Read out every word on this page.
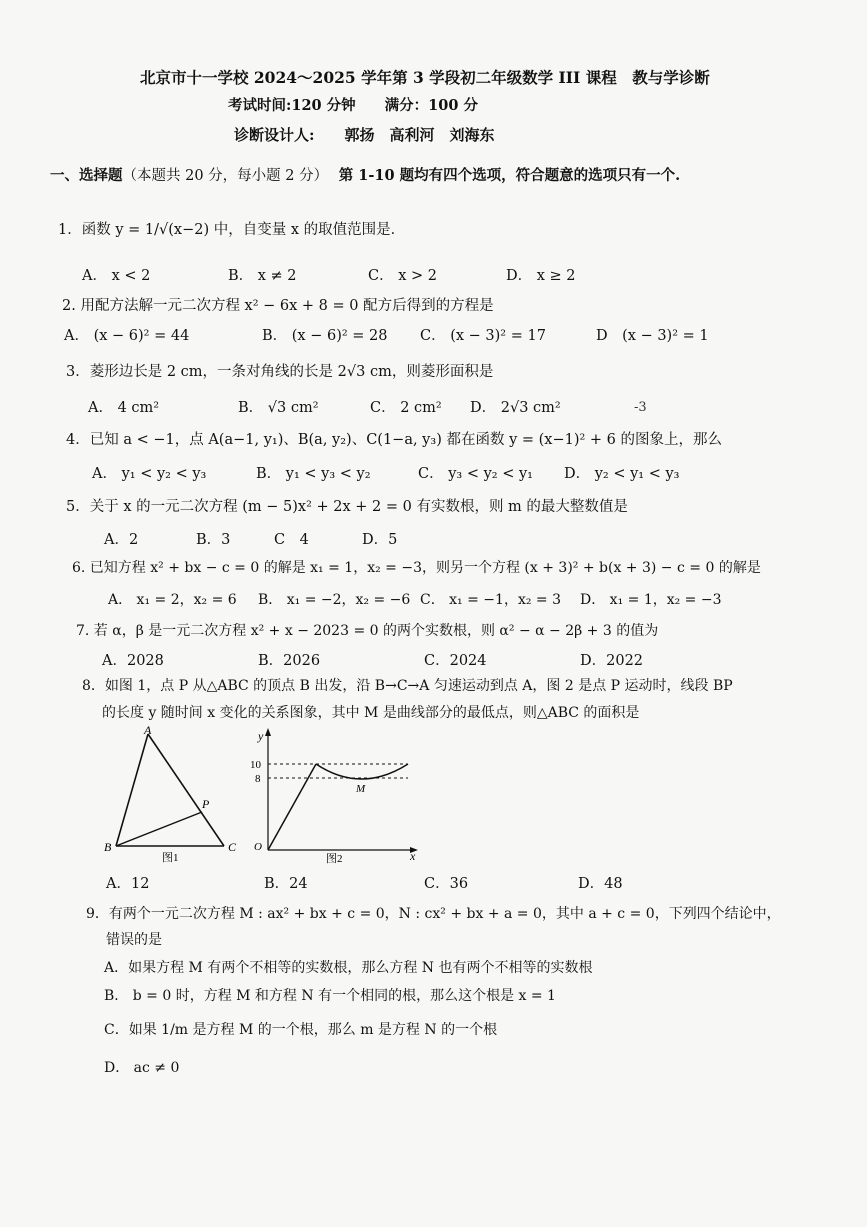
北京市十一学校 2024～2025 学年第 3 学段初二年级数学 III 课程　教与学诊断
考试时间:120 分钟　　满分：100 分
诊断设计人:　　郭扬　高利河　刘海东
一、选择题（本题共 20 分，每小题 2 分） 第 1-10 题均有四个选项，符合题意的选项只有一个.
1．函数 y = 1/√(x−2) 中，自变量 x 的取值范围是．
A． x < 2	B． x ≠ 2	C． x > 2	D． x ≥ 2
2. 用配方法解一元二次方程 x² − 6x + 8 = 0 配方后得到的方程是
A． (x − 6)² = 44	B． (x − 6)² = 28 C． (x − 3)² = 17	D　(x − 3)² = 1
3．菱形边长是 2 cm，一条对角线的长是 2√3 cm，则菱形面积是
A． 4 cm²	B． √3 cm²	C． 2 cm² D． 2√3 cm²	-3
4．已知 a < −1，点 A(a−1, y₁)、B(a, y₂)、C(1−a, y₃) 都在函数 y = (x−1)² + 6 的图象上，那么
A． y₁ < y₂ < y₃	B． y₁ < y₃ < y₂	C． y₃ < y₂ < y₁ D． y₂ < y₁ < y₃
5．关于 x 的一元二次方程 (m − 5)x² + 2x + 2 = 0 有实数根，则 m 的最大整数值是
A．2	B．3	C　4	D．5
6. 已知方程 x² + bx − c = 0 的解是 x₁ = 1，x₂ = −3，则另一个方程 (x + 3)² + b(x + 3) − c = 0 的解是
A． x₁ = 2，x₂ = 6 B． x₁ = −2，x₂ = −6 C． x₁ = −1，x₂ = 3 D． x₁ = 1，x₂ = −3
7. 若 α，β 是一元二次方程 x² + x − 2023 = 0 的两个实数根，则 α² − α − 2β + 3 的值为
A．2028	B．2026	C．2024	D．2022
8．如图 1，点 P 从△ABC 的顶点 B 出发，沿 B→C→A 匀速运动到点 A，图 2 是点 P 运动时，线段 BP
的长度 y 随时间 x 变化的关系图象，其中 M 是曲线部分的最低点，则△ABC 的面积是
A
B	C
P
图1
y
x
O
10
8
M
图2
A．12	B．24	C．36	D．48
9．有两个一元二次方程 M : ax² + bx + c = 0，N : cx² + bx + a = 0，其中 a + c = 0，下列四个结论中，
错误的是
A．如果方程 M 有两个不相等的实数根，那么方程 N 也有两个不相等的实数根
B． b = 0 时，方程 M 和方程 N 有一个相同的根，那么这个根是 x = 1
C．如果 1/m 是方程 M 的一个根，那么 m 是方程 N 的一个根
D． ac ≠ 0
